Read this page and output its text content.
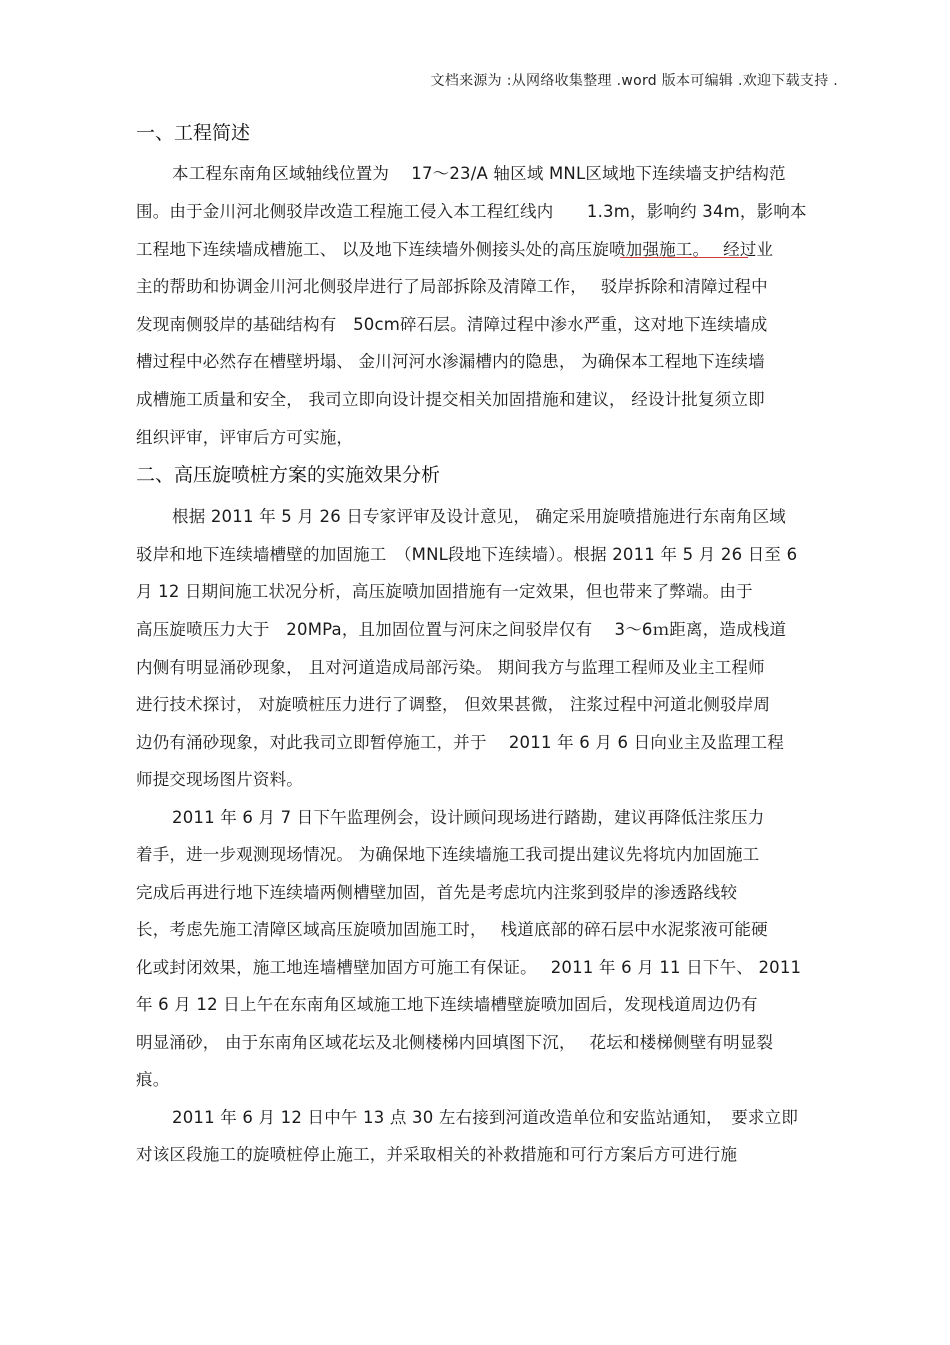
文档来源为 :从网络收集整理 .word 版本可编辑 .欢迎下载支持 .
一、工程简述
本工程东南角区域轴线位置为　 17～23/A 轴区域 MNL区域地下连续墙支护结构范
围。由于金川河北侧驳岸改造工程施工侵入本工程红线内　　1.3m，影响约 34m，影响本
工程地下连续墙成槽施工、 以及地下连续墙外侧接头处的高压旋喷加强施工。　 经过业
主的帮助和协调金川河北侧驳岸进行了局部拆除及清障工作，　 驳岸拆除和清障过程中
发现南侧驳岸的基础结构有　50cm碎石层。清障过程中渗水严重，这对地下连续墙成
槽过程中必然存在槽壁坍塌、 金川河河水渗漏槽内的隐患， 为确保本工程地下连续墙
成槽施工质量和安全， 我司立即向设计提交相关加固措施和建议， 经设计批复须立即
组织评审，评审后方可实施，
二、高压旋喷桩方案的实施效果分析
根据 2011 年 5 月 26 日专家评审及设计意见， 确定采用旋喷措施进行东南角区域
驳岸和地下连续墙槽壁的加固施工　（MNL段地下连续墙）。根据 2011 年 5 月 26 日至 6
月 12 日期间施工状况分析，高压旋喷加固措施有一定效果，但也带来了弊端。由于
高压旋喷压力大于　20MPa，且加固位置与河床之间驳岸仅有　 3～6ｍ距离，造成栈道
内侧有明显涌砂现象， 且对河道造成局部污染。 期间我方与监理工程师及业主工程师
进行技术探讨， 对旋喷桩压力进行了调整， 但效果甚微， 注浆过程中河道北侧驳岸周
边仍有涌砂现象，对此我司立即暂停施工，并于　 2011 年 6 月 6 日向业主及监理工程
师提交现场图片资料。
2011 年 6 月 7 日下午监理例会，设计顾问现场进行踏勘，建议再降低注浆压力
着手，进一步观测现场情况。 为确保地下连续墙施工我司提出建议先将坑内加固施工
完成后再进行地下连续墙两侧槽壁加固，首先是考虑坑内注浆到驳岸的渗透路线较
长，考虑先施工清障区域高压旋喷加固施工时，　 栈道底部的碎石层中水泥浆液可能硬
化或封闭效果，施工地连墙槽壁加固方可施工有保证。　 2011 年 6 月 11 日下午、 2011
年 6 月 12 日上午在东南角区域施工地下连续墙槽壁旋喷加固后，发现栈道周边仍有
明显涌砂， 由于东南角区域花坛及北侧楼梯内回填图下沉，　 花坛和楼梯侧壁有明显裂
痕。
2011 年 6 月 12 日中午 13 点 30 左右接到河道改造单位和安监站通知，　要求立即
对该区段施工的旋喷桩停止施工，并采取相关的补救措施和可行方案后方可进行施
